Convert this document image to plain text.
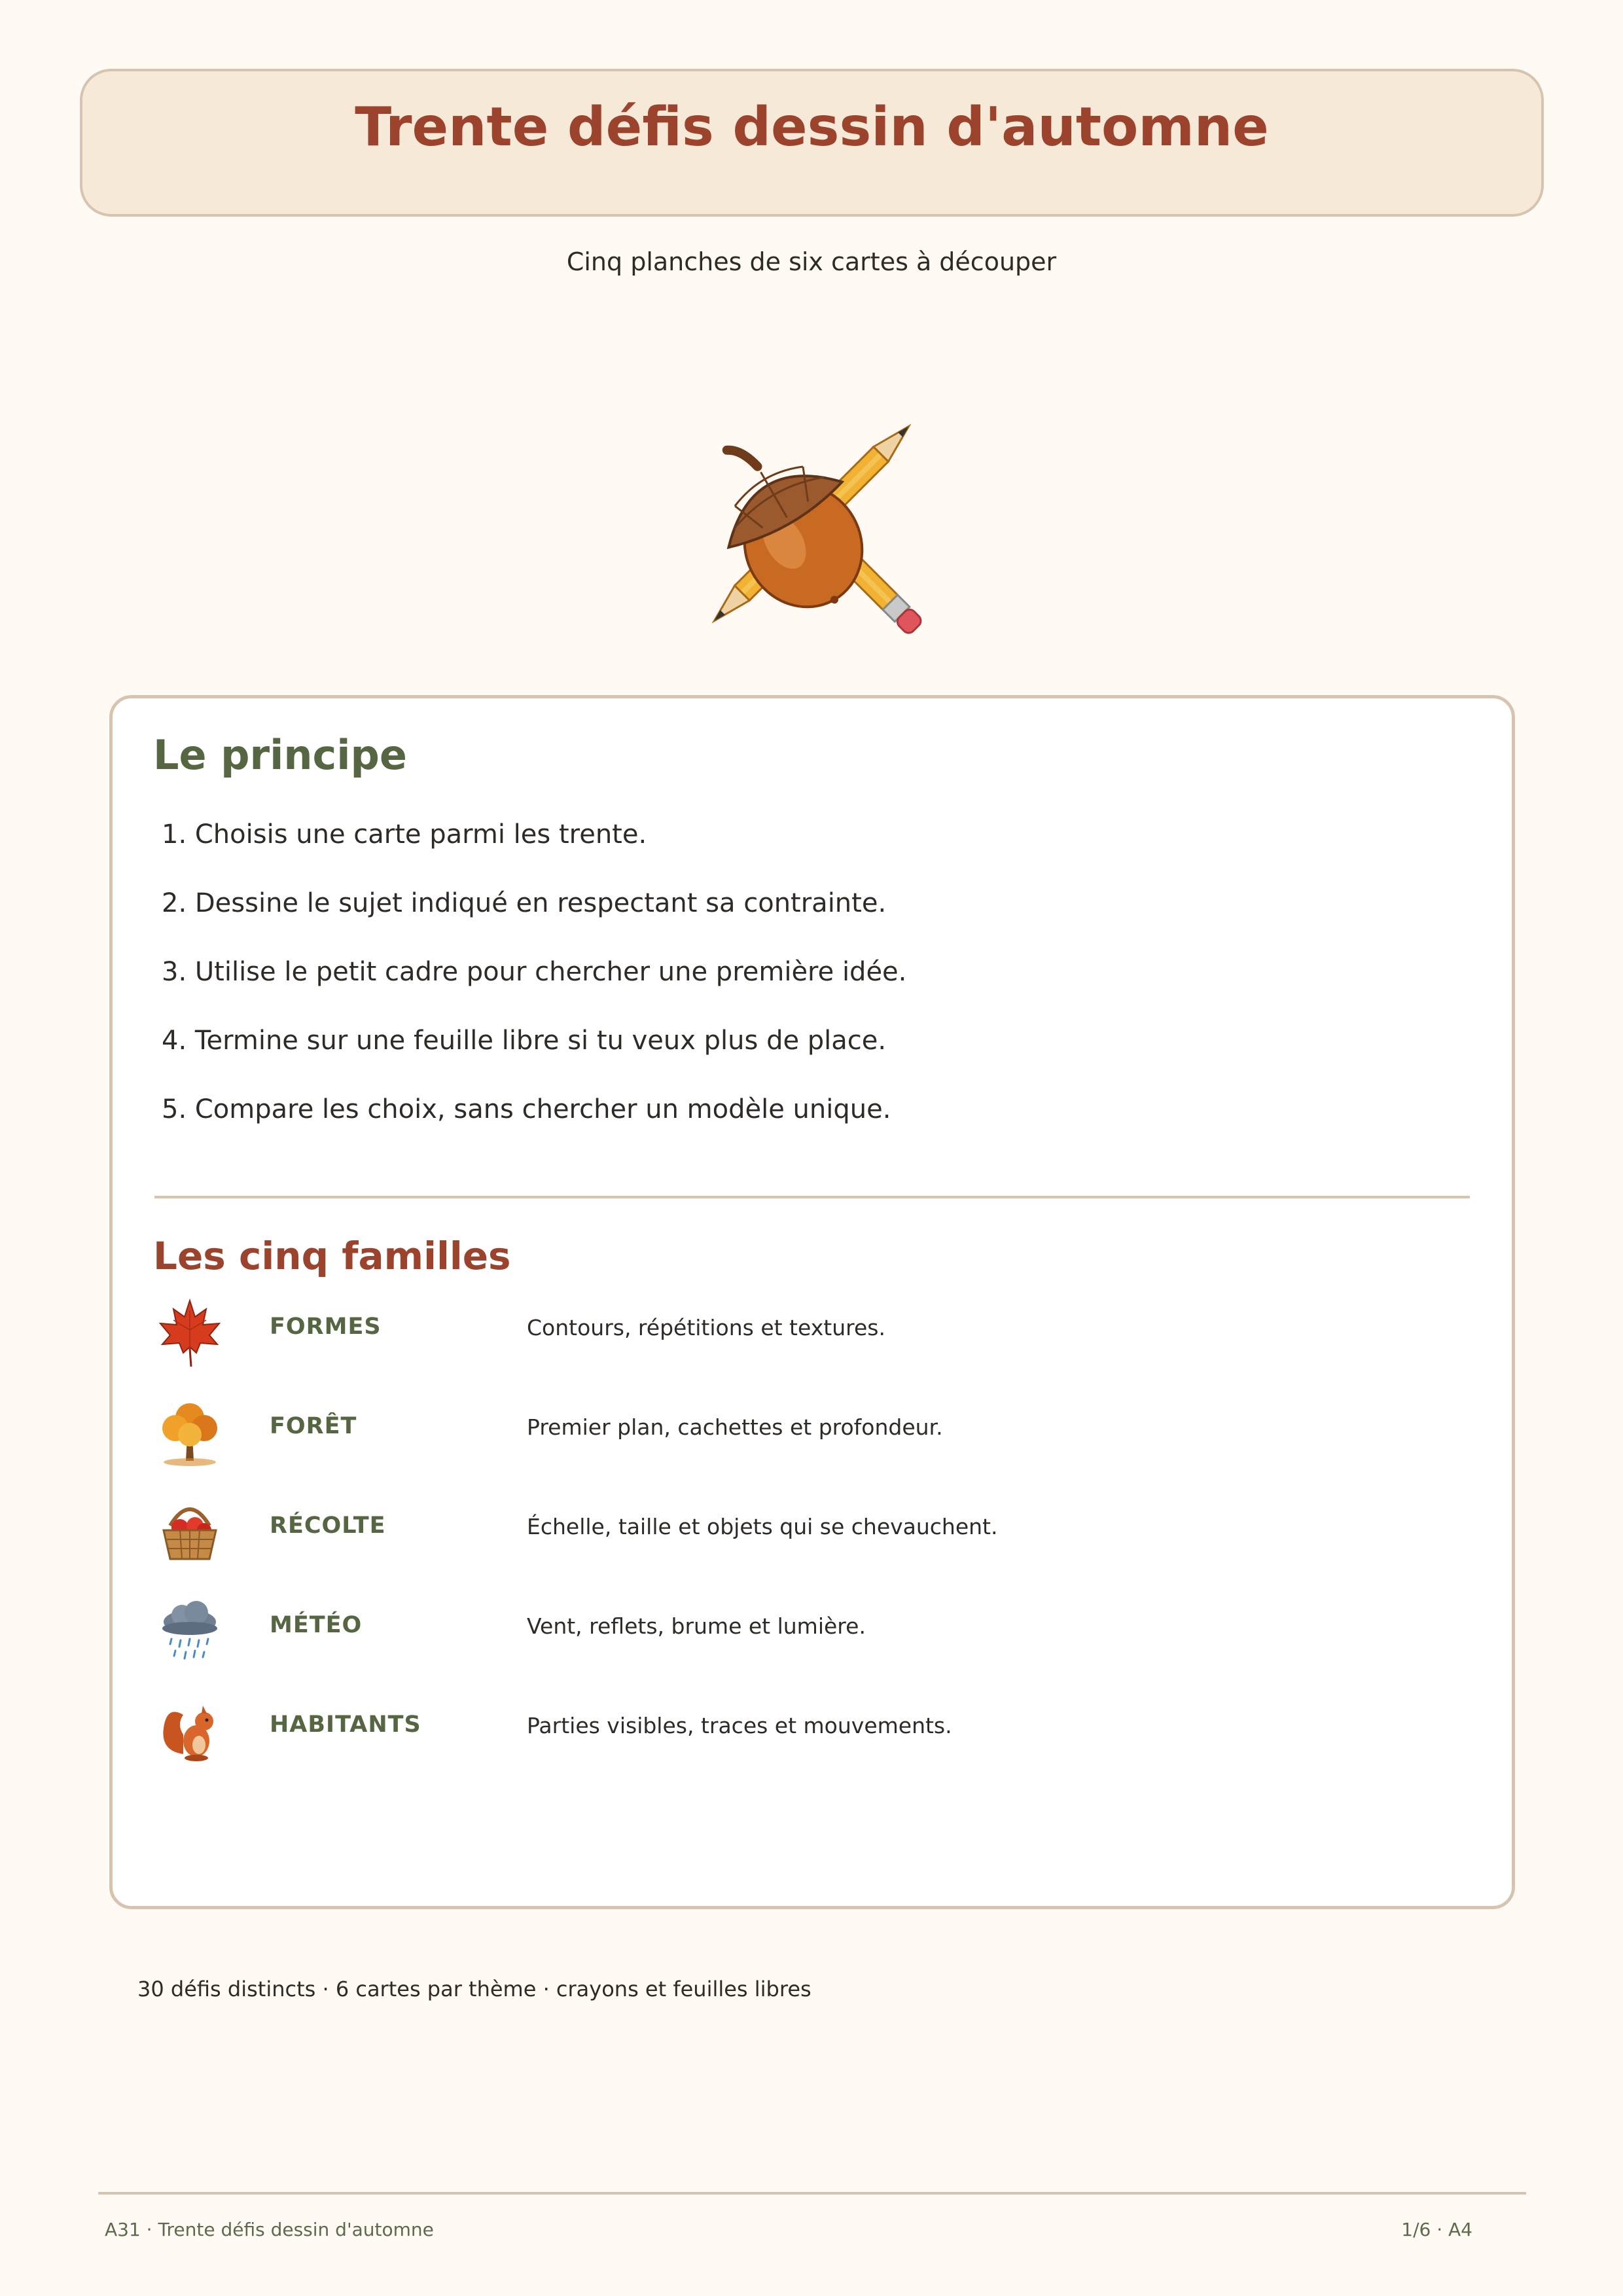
Trente défis dessin d'automne
Cinq planches de six cartes à découper
Le principe
1. Choisis une carte parmi les trente.
2. Dessine le sujet indiqué en respectant sa contrainte.
3. Utilise le petit cadre pour chercher une première idée.
4. Termine sur une feuille libre si tu veux plus de place.
5. Compare les choix, sans chercher un modèle unique.
Les cinq familles
FORMES	Contours, répétitions et textures.
FORÊT	Premier plan, cachettes et profondeur.
RÉCOLTE	Échelle, taille et objets qui se chevauchent.
MÉTÉO	Vent, reflets, brume et lumière.
HABITANTS	Parties visibles, traces et mouvements.
30 défis distincts · 6 cartes par thème · crayons et feuilles libres
A31 · Trente défis dessin d'automne	1/6 · A4
